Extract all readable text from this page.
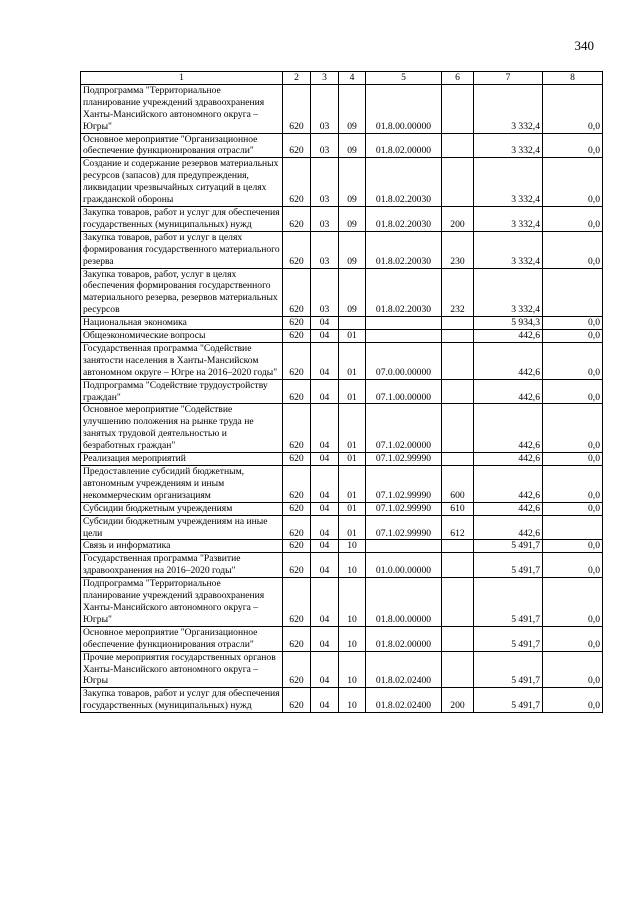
340
1	2	3	4	5	6	7	8
Подпрограмма "Территориальное планирование учреждений здравоохранения Ханты-Мансийского автономного округа – Югры"	620	03	09	01.8.00.00000		3 332,4	0,0
Основное мероприятие "Организационное обеспечение функционирования отрасли"	620	03	09	01.8.02.00000		3 332,4	0,0
Создание и содержание резервов материальных ресурсов (запасов) для предупреждения, ликвидации чрезвычайных ситуаций в целях гражданской обороны	620	03	09	01.8.02.20030		3 332,4	0,0
Закупка товаров, работ и услуг для обеспечения государственных (муниципальных) нужд	620	03	09	01.8.02.20030	200	3 332,4	0,0
Закупка товаров, работ и услуг в целях формирования государственного материального резерва	620	03	09	01.8.02.20030	230	3 332,4	0,0
Закупка товаров, работ, услуг в целях обеспечения формирования государственного материального резерва, резервов материальных ресурсов	620	03	09	01.8.02.20030	232	3 332,4	
Национальная экономика	620	04				5 934,3	0,0
Общеэкономические вопросы	620	04	01			442,6	0,0
Государственная программа "Содействие занятости населения в Ханты-Мансийском автономном округе – Югре на 2016–2020 годы"	620	04	01	07.0.00.00000		442,6	0,0
Подпрограмма "Содействие трудоустройству граждан"	620	04	01	07.1.00.00000		442,6	0,0
Основное мероприятие "Содействие улучшению положения на рынке труда не занятых трудовой деятельностью и безработных граждан"	620	04	01	07.1.02.00000		442,6	0,0
Реализация мероприятий	620	04	01	07.1.02.99990		442,6	0,0
Предоставление субсидий бюджетным, автономным учреждениям и иным некоммерческим организациям	620	04	01	07.1.02.99990	600	442,6	0,0
Субсидии бюджетным учреждениям	620	04	01	07.1.02.99990	610	442,6	0,0
Субсидии бюджетным учреждениям на иные цели	620	04	01	07.1.02.99990	612	442,6	
Связь и информатика	620	04	10			5 491,7	0,0
Государственная программа "Развитие здравоохранения на 2016–2020 годы"	620	04	10	01.0.00.00000		5 491,7	0,0
Подпрограмма "Территориальное планирование учреждений здравоохранения Ханты-Мансийского автономного округа – Югры"	620	04	10	01.8.00.00000		5 491,7	0,0
Основное мероприятие "Организационное обеспечение функционирования отрасли"	620	04	10	01.8.02.00000		5 491,7	0,0
Прочие мероприятия государственных органов Ханты-Мансийского автономного округа – Югры	620	04	10	01.8.02.02400		5 491,7	0,0
Закупка товаров, работ и услуг для обеспечения государственных (муниципальных) нужд	620	04	10	01.8.02.02400	200	5 491,7	0,0
